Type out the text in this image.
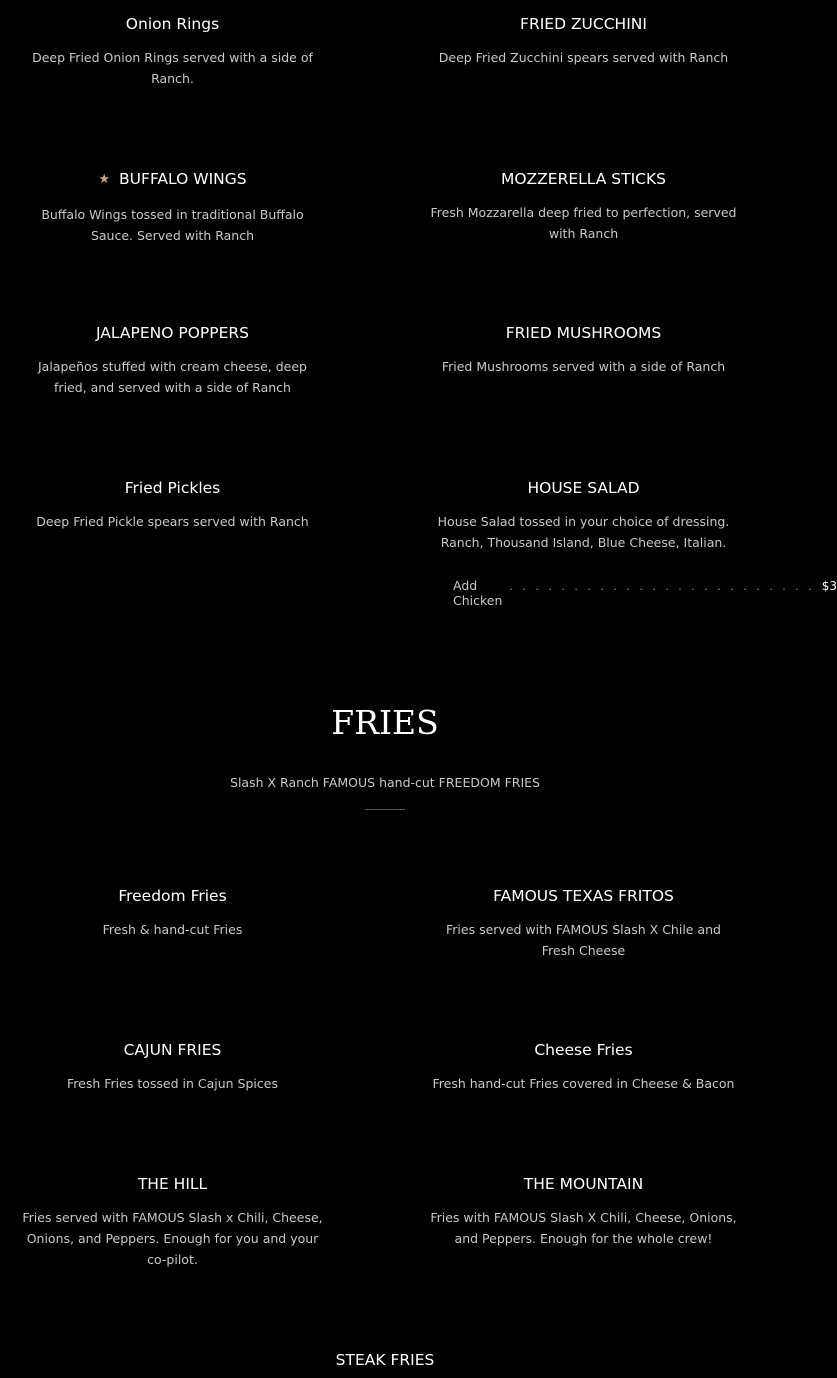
Onion Rings
Deep Fried Onion Rings served with a side of Ranch.
FRIED ZUCCHINI
Deep Fried Zucchini spears served with Ranch
★ BUFFALO WINGS
Buffalo Wings tossed in traditional Buffalo Sauce. Served with Ranch
MOZZERELLA STICKS
Fresh Mozzarella deep fried to perfection, served with Ranch
JALAPENO POPPERS
Jalapeños stuffed with cream cheese, deep fried, and served with a side of Ranch
FRIED MUSHROOMS
Fried Mushrooms served with a side of Ranch
Fried Pickles
Deep Fried Pickle spears served with Ranch
HOUSE SALAD
House Salad tossed in your choice of dressing. Ranch, Thousand Island, Blue Cheese, Italian.
Add Chicken
. . . . . . . . . . . . . . . . . . . . . . . . $3
FRIES
Slash X Ranch FAMOUS hand-cut FREEDOM FRIES
Freedom Fries
Fresh & hand-cut Fries
FAMOUS TEXAS FRITOS
Fries served with FAMOUS Slash X Chile and Fresh Cheese
CAJUN FRIES
Fresh Fries tossed in Cajun Spices
Cheese Fries
Fresh hand-cut Fries covered in Cheese & Bacon
THE HILL
Fries served with FAMOUS Slash x Chili, Cheese, Onions, and Peppers. Enough for you and your co-pilot.
THE MOUNTAIN
Fries with FAMOUS Slash X Chili, Cheese, Onions, and Peppers. Enough for the whole crew!
STEAK FRIES
